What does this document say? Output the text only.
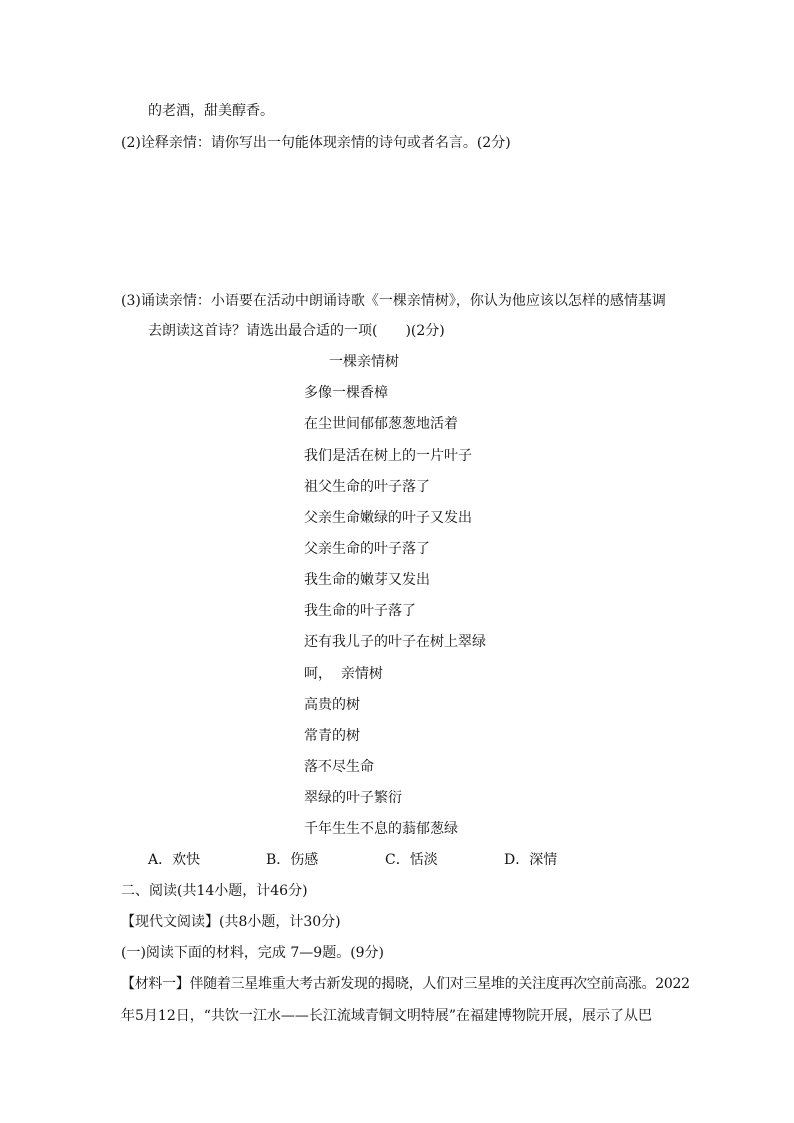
的老酒，甜美醇香。
(2)诠释亲情：请你写出一句能体现亲情的诗句或者名言。(2分)
(3)诵读亲情：小语要在活动中朗诵诗歌《一棵亲情树》，你认为他应该以怎样的感情基调
去朗读这首诗？请选出最合适的一项(　　)(2分)
一棵亲情树
多像一棵香樟
在尘世间郁郁葱葱地活着
我们是活在树上的一片叶子
祖父生命的叶子落了
父亲生命嫩绿的叶子又发出
父亲生命的叶子落了
我生命的嫩芽又发出
我生命的叶子落了
还有我儿子的叶子在树上翠绿
呵，  亲情树
高贵的树
常青的树
落不尽生命
翠绿的叶子繁衍
千年生生不息的蓊郁葱绿
A．欢快	B．伤感	C．恬淡	D．深情
二、阅读(共14小题，计46分)
【现代文阅读】(共8小题，计30分)
(一)阅读下面的材料，完成 7—9题。(9分)
【材料一】伴随着三星堆重大考古新发现的揭晓，人们对三星堆的关注度再次空前高涨。2022
年5月12日，“共饮一江水——长江流域青铜文明特展”在福建博物院开展，展示了从巴
